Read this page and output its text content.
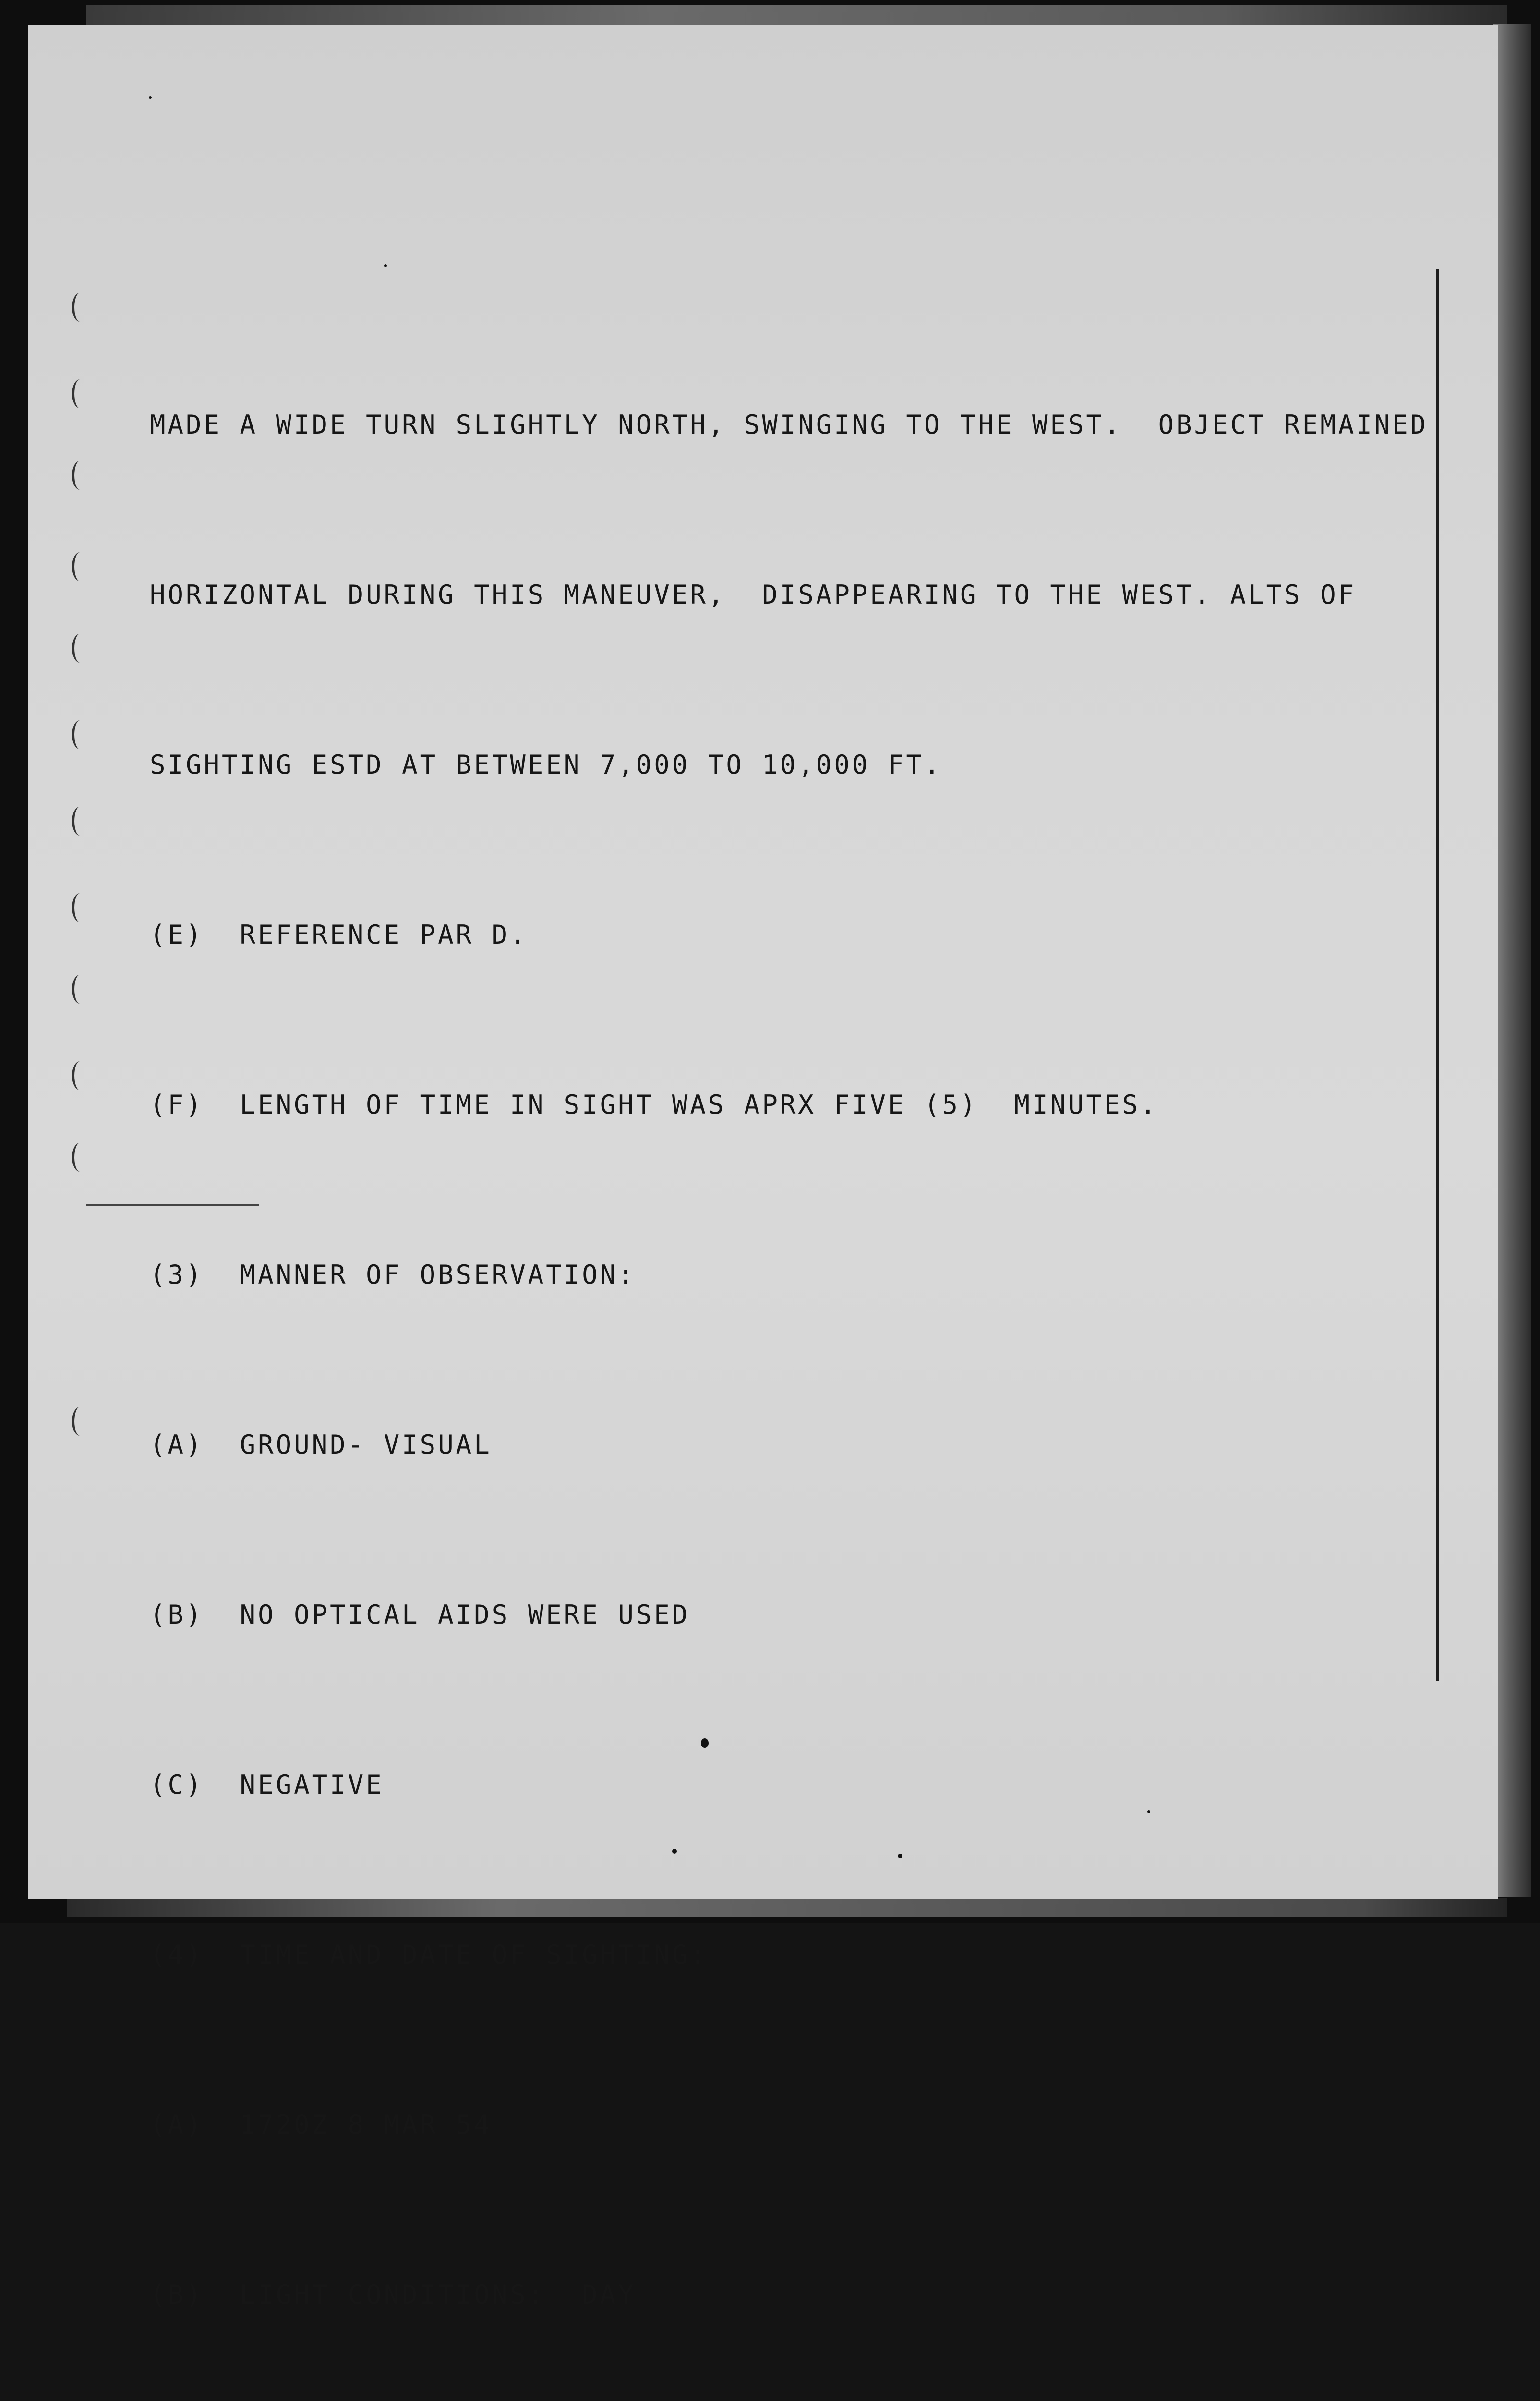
MADE A WIDE TURN SLIGHTLY NORTH, SWINGING TO THE WEST.  OBJECT REMAINED

HORIZONTAL DURING THIS MANEUVER,  DISAPPEARING TO THE WEST. ALTS OF

SIGHTING ESTD AT BETWEEN 7,000 TO 10,000 FT.

(E)  REFERENCE PAR D.

(F)  LENGTH OF TIME IN SIGHT WAS APRX FIVE (5)  MINUTES.

(3)  MANNER OF OBSERVATION:

(A)  GROUND- VISUAL

(B)  NO OPTICAL AIDS WERE USED

(C)  NEGATIVE

(4)  TIME AND DATE OF SIGHTING:

(A)  1720Z 8 MAR 54

(B)  LIGHT CONDITIONS:  DAY
